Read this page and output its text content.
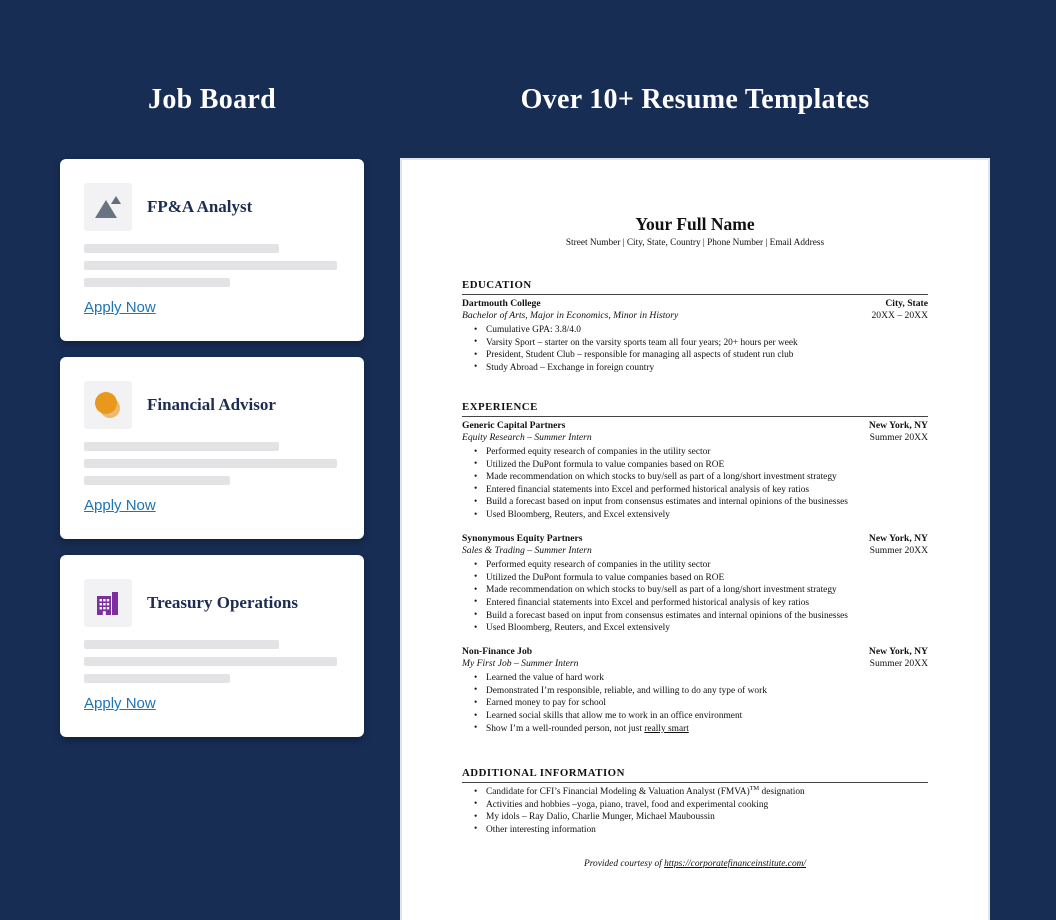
Job Board	Over 10+ Resume Templates
FP&A Analyst
Apply Now
Financial Advisor
Apply Now
Treasury Operations
Apply Now
Your Full Name
Street Number | City, State, Country | Phone Number | Email Address
EDUCATION
Dartmouth College	City, State
Bachelor of Arts, Major in Economics, Minor in History	20XX – 20XX
• Cumulative GPA: 3.8/4.0
• Varsity Sport – starter on the varsity sports team all four years; 20+ hours per week
• President, Student Club – responsible for managing all aspects of student run club
• Study Abroad – Exchange in foreign country
EXPERIENCE
Generic Capital Partners	New York, NY
Equity Research – Summer Intern	Summer 20XX
• Performed equity research of companies in the utility sector
• Utilized the DuPont formula to value companies based on ROE
• Made recommendation on which stocks to buy/sell as part of a long/short investment strategy
• Entered financial statements into Excel and performed historical analysis of key ratios
• Build a forecast based on input from consensus estimates and internal opinions of the businesses
• Used Bloomberg, Reuters, and Excel extensively
Synonymous Equity Partners	New York, NY
Sales & Trading – Summer Intern	Summer 20XX
• Performed equity research of companies in the utility sector
• Utilized the DuPont formula to value companies based on ROE
• Made recommendation on which stocks to buy/sell as part of a long/short investment strategy
• Entered financial statements into Excel and performed historical analysis of key ratios
• Build a forecast based on input from consensus estimates and internal opinions of the businesses
• Used Bloomberg, Reuters, and Excel extensively
Non-Finance Job	New York, NY
My First Job – Summer Intern	Summer 20XX
• Learned the value of hard work
• Demonstrated I’m responsible, reliable, and willing to do any type of work
• Earned money to pay for school
• Learned social skills that allow me to work in an office environment
• Show I’m a well-rounded person, not just really smart
ADDITIONAL INFORMATION
• Candidate for CFI’s Financial Modeling & Valuation Analyst (FMVA)™ designation
• Activities and hobbies –yoga, piano, travel, food and experimental cooking
• My idols – Ray Dalio, Charlie Munger, Michael Mauboussin
• Other interesting information
Provided courtesy of https://corporatefinanceinstitute.com/
